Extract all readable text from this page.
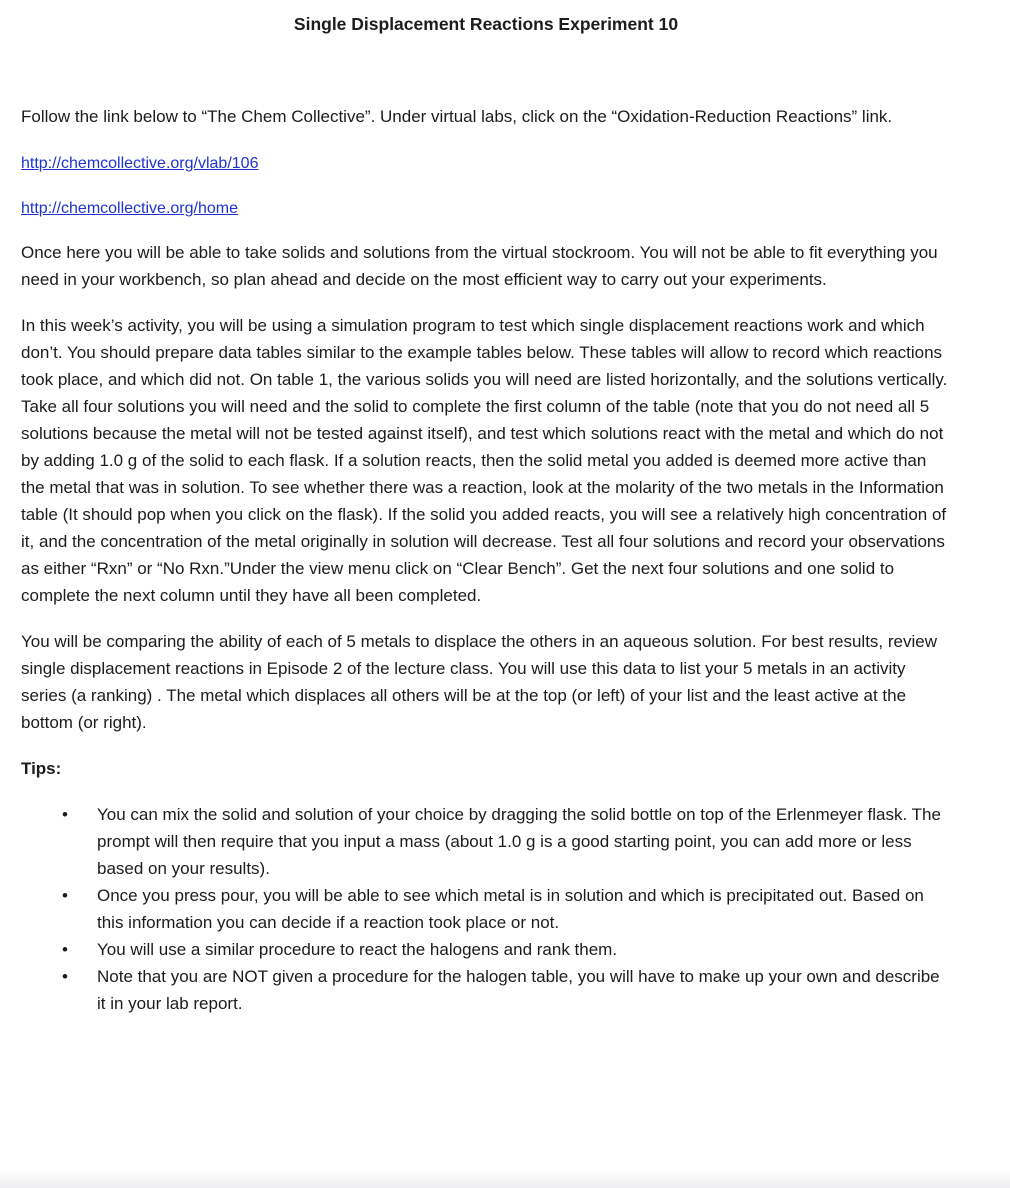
Single Displacement Reactions Experiment 10

Follow the link below to “The Chem Collective”. Under virtual labs, click on the “Oxidation-Reduction Reactions” link.

http://chemcollective.org/vlab/106

http://chemcollective.org/home

Once here you will be able to take solids and solutions from the virtual stockroom. You will not be able to fit everything you need in your workbench, so plan ahead and decide on the most efficient way to carry out your experiments.

In this week’s activity, you will be using a simulation program to test which single displacement reactions work and which don’t. You should prepare data tables similar to the example tables below. These tables will allow to record which reactions took place, and which did not. On table 1, the various solids you will need are listed horizontally, and the solutions vertically. Take all four solutions you will need and the solid to complete the first column of the table (note that you do not need all 5 solutions because the metal will not be tested against itself), and test which solutions react with the metal and which do not by adding 1.0 g of the solid to each flask. If a solution reacts, then the solid metal you added is deemed more active than the metal that was in solution. To see whether there was a reaction, look at the molarity of the two metals in the Information table (It should pop when you click on the flask). If the solid you added reacts, you will see a relatively high concentration of it, and the concentration of the metal originally in solution will decrease. Test all four solutions and record your observations as either “Rxn” or “No Rxn.”Under the view menu click on “Clear Bench”. Get the next four solutions and one solid to complete the next column until they have all been completed.

You will be comparing the ability of each of 5 metals to displace the others in an aqueous solution. For best results, review   single displacement reactions in Episode 2 of the lecture class. You will use this data to list your 5 metals in an activity series (a ranking) . The metal which displaces all others will be at the top (or left) of your list and the least active at the bottom (or right).

Tips:

• You can mix the solid and solution of your choice by dragging the solid bottle on top of the Erlenmeyer flask. The prompt will then require that you input a mass (about 1.0 g is a good starting point, you can add more or less based on your results).
• Once you press pour, you will be able to see which metal is in solution and which is precipitated out. Based on this information you can decide if a reaction took place or not.
• You will use a similar procedure to react the halogens and rank them.
• Note that you are NOT given a procedure for the halogen table, you will have to make up your own and describe it in your lab report.
